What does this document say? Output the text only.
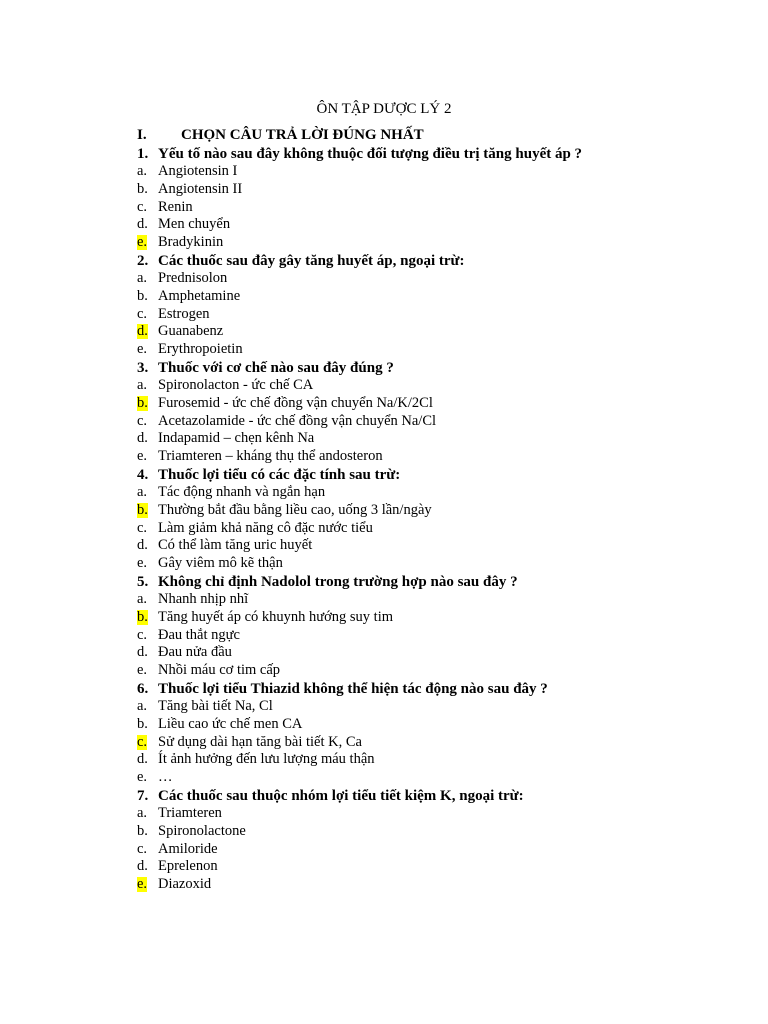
ÔN TẬP DƯỢC LÝ 2
I. CHỌN CÂU TRẢ LỜI ĐÚNG NHẤT
1. Yếu tố nào sau đây không thuộc đối tượng điều trị tăng huyết áp ?
a. Angiotensin I
b. Angiotensin II
c. Renin
d. Men chuyển
e. Bradykinin
2. Các thuốc sau đây gây tăng huyết áp, ngoại trừ:
a. Prednisolon
b. Amphetamine
c. Estrogen
d. Guanabenz
e. Erythropoietin
3. Thuốc với cơ chế nào sau đây đúng ?
a. Spironolacton - ức chế CA
b. Furosemid - ức chế đồng vận chuyển Na/K/2Cl
c. Acetazolamide - ức chế đồng vận chuyển Na/Cl
d. Indapamid – chẹn kênh Na
e. Triamteren – kháng thụ thể andosteron
4. Thuốc lợi tiểu có các đặc tính sau trừ:
a. Tác động nhanh và ngắn hạn
b. Thường bắt đầu bằng liều cao, uống 3 lần/ngày
c. Làm giảm khả năng cô đặc nước tiểu
d. Có thể làm tăng uric huyết
e. Gây viêm mô kẽ thận
5. Không chỉ định Nadolol trong trường hợp nào sau đây ?
a. Nhanh nhịp nhĩ
b. Tăng huyết áp có khuynh hướng suy tim
c. Đau thắt ngực
d. Đau nửa đầu
e. Nhồi máu cơ tim cấp
6. Thuốc lợi tiểu Thiazid không thể hiện tác động nào sau đây ?
a. Tăng bài tiết Na, Cl
b. Liều cao ức chế men CA
c. Sử dụng dài hạn tăng bài tiết K, Ca
d. Ít ảnh hưởng đến lưu lượng máu thận
e. …
7. Các thuốc sau thuộc nhóm lợi tiểu tiết kiệm K, ngoại trừ:
a. Triamteren
b. Spironolactone
c. Amiloride
d. Eprelenon
e. Diazoxid
